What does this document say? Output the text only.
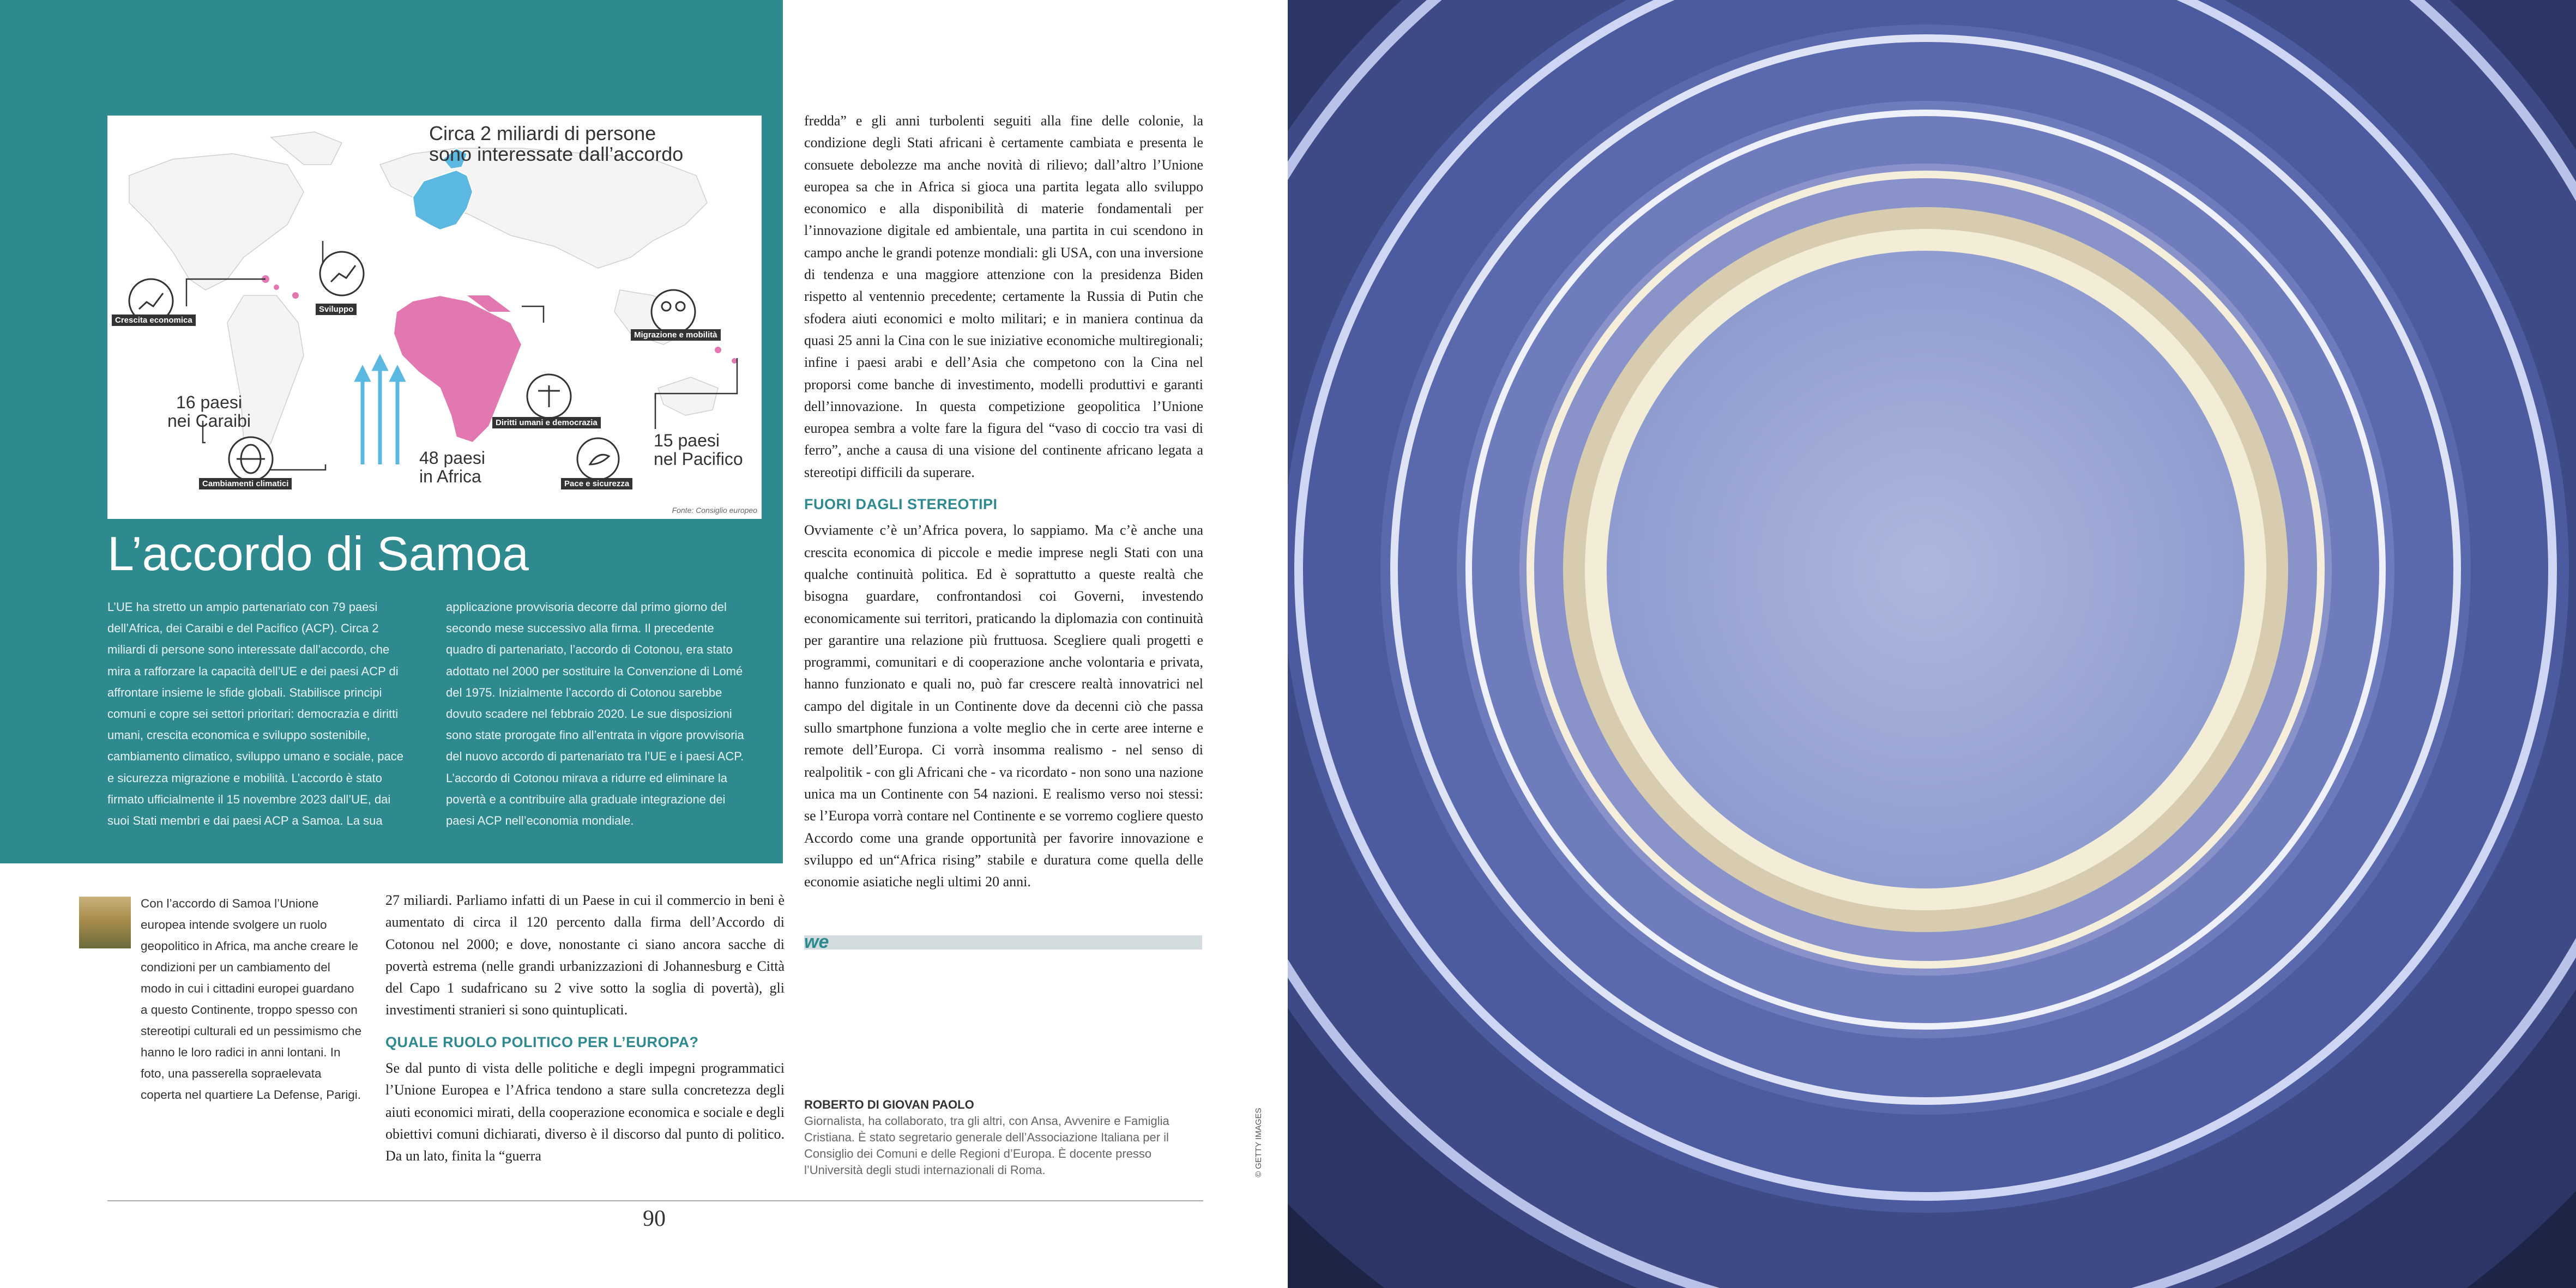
Circa 2 miliardi di persone
sono interessate dall’accordo
16 paesi
nei Caraibi
48 paesi
in Africa
15 paesi
nel Pacifico
Crescita economica
Sviluppo
Migrazione e mobilità
Diritti umani e democrazia
Cambiamenti climatici	Pace e sicurezza
Fonte: Consiglio europeo
L’accordo di Samoa
L’UE ha stretto un ampio partenariato con 79 paesi dell’Africa, dei Caraibi e del Pacifico (ACP). Circa 2 miliardi di persone sono interessate dall’accordo, che mira a rafforzare la capacità dell’UE e dei paesi ACP di affrontare insieme le sfide globali. Stabilisce principi comuni e copre sei settori prioritari: democrazia e diritti umani, crescita economica e sviluppo sostenibile, cambiamento climatico, sviluppo umano e sociale, pace e sicurezza migrazione e mobilità. L’accordo è stato firmato ufficialmente il 15 novembre 2023 dall’UE, dai suoi Stati membri e dai paesi ACP a Samoa. La sua
applicazione provvisoria decorre dal primo giorno del secondo mese successivo alla firma. Il precedente quadro di partenariato, l’accordo di Cotonou, era stato adottato nel 2000 per sostituire la Convenzione di Lomé del 1975. Inizialmente l’accordo di Cotonou sarebbe dovuto scadere nel febbraio 2020. Le sue disposizioni sono state prorogate fino all’entrata in vigore provvisoria del nuovo accordo di partenariato tra l’UE e i paesi ACP. L’accordo di Cotonou mirava a ridurre ed eliminare la povertà e a contribuire alla graduale integrazione dei paesi ACP nell’economia mondiale.
Con l’accordo di Samoa l’Unione europea intende svolgere un ruolo geopolitico in Africa, ma anche creare le condizioni per un cambiamento del modo in cui i cittadini europei guardano a questo Continente, troppo spesso con stereotipi culturali ed un pessimismo che hanno le loro radici in anni lontani. In foto, una passerella sopraelevata coperta nel quartiere La Defense, Parigi.

27 miliardi. Parliamo infatti di un Paese in cui il commercio in beni è aumentato di circa il 120 percento dalla firma dell’Accordo di Cotonou nel 2000; e dove, nonostante ci siano ancora sacche di povertà estrema (nelle grandi urbanizzazioni di Johannesburg e Città del Capo 1 sudafricano su 2 vive sotto la soglia di povertà), gli investimenti stranieri si sono quintuplicati.

QUALE RUOLO POLITICO PER L’EUROPA?

Se dal punto di vista delle politiche e degli impegni programmatici l’Unione Europea e l’Africa tendono a stare sulla concretezza degli aiuti economici mirati, della cooperazione economica e sociale e degli obiettivi comuni dichiarati, diverso è il discorso dal punto di politico. Da un lato, finita la “guerra

fredda” e gli anni turbolenti seguiti alla fine delle colonie, la condizione degli Stati africani è certamente cambiata e presenta le consuete debolezze ma anche novità di rilievo; dall’altro l’Unione europea sa che in Africa si gioca una partita legata allo sviluppo economico e alla disponibilità di materie fondamentali per l’innovazione digitale ed ambientale, una partita in cui scendono in campo anche le grandi potenze mondiali: gli USA, con una inversione di tendenza e una maggiore attenzione con la presidenza Biden rispetto al ventennio precedente; certamente la Russia di Putin che sfodera aiuti economici e molto militari; e in maniera continua da quasi 25 anni la Cina con le sue iniziative economiche multiregionali; infine i paesi arabi e dell’Asia che competono con la Cina nel proporsi come banche di investimento, modelli produttivi e garanti dell’innovazione. In questa competizione geopolitica l’Unione europea sembra a volte fare la figura del “vaso di coccio tra vasi di ferro”, anche a causa di una visione del continente africano legata a stereotipi difficili da superare.

FUORI DAGLI STEREOTIPI

Ovviamente c’è un’Africa povera, lo sappiamo. Ma c’è anche una crescita economica di piccole e medie imprese negli Stati con una qualche continuità politica. Ed è soprattutto a queste realtà che bisogna guardare, confrontandosi coi Governi, investendo economicamente sui territori, praticando la diplomazia con continuità per garantire una relazione più fruttuosa. Scegliere quali progetti e programmi, comunitari e di cooperazione anche volontaria e privata, hanno funzionato e quali no, può far crescere realtà innovatrici nel campo del digitale in un Continente dove da decenni ciò che passa sullo smartphone funziona a volte meglio che in certe aree interne e remote dell’Europa. Ci vorrà insomma realismo - nel senso di realpolitik - con gli Africani che - va ricordato - non sono una nazione unica ma un Continente con 54 nazioni. E realismo verso noi stessi: se l’Europa vorrà contare nel Continente e se vorremo cogliere questo Accordo come una grande opportunità per favorire innovazione e sviluppo ed un“Africa rising” stabile e duratura come quella delle economie asiatiche negli ultimi 20 anni.

we
ROBERTO DI GIOVAN PAOLO
Giornalista, ha collaborato, tra gli altri, con Ansa, Avvenire e Famiglia Cristiana. È stato segretario generale dell’Associazione Italiana per il Consiglio dei Comuni e delle Regioni d’Europa. È docente presso l’Università degli studi internazionali di Roma.
90
© GETTY IMAGES
